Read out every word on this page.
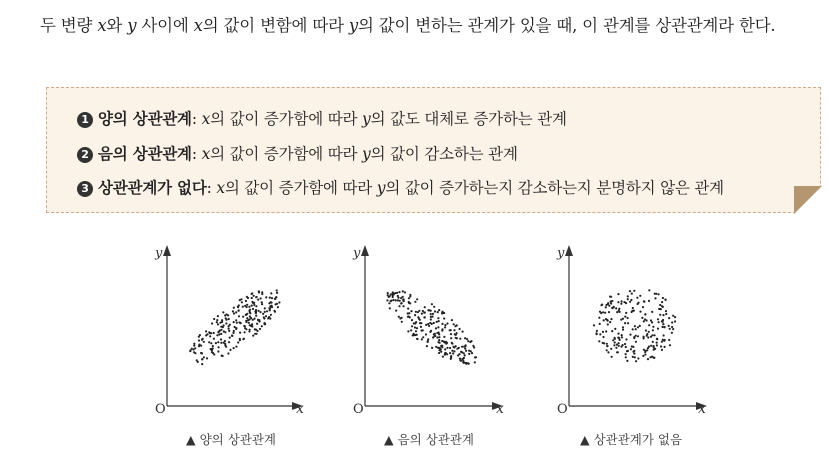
두 변량 x와 y 사이에 x의 값이 변함에 따라 y의 값이 변하는 관계가 있을 때, 이 관계를 상관관계라 한다.
1 양의 상관관계: x의 값이 증가함에 따라 y의 값도 대체로 증가하는 관계
2 음의 상관관계: x의 값이 증가함에 따라 y의 값이 감소하는 관계
3 상관관계가 없다: x의 값이 증가함에 따라 y의 값이 증가하는지 감소하는지 분명하지 않은 관계
y
x
O
y
x
O
y
x
O
▲ 양의 상관관계	▲ 음의 상관관계	▲ 상관관계가 없음
